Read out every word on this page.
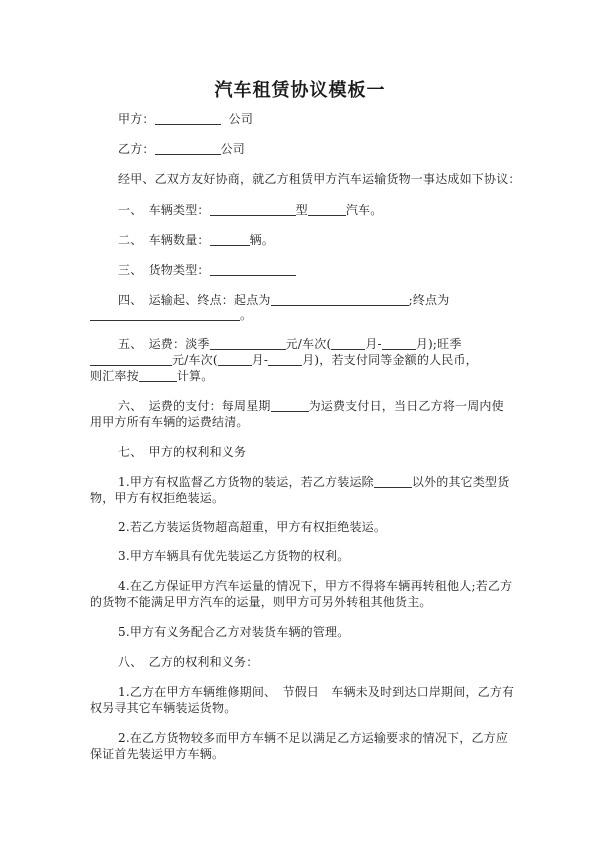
汽车租赁协议模板一
甲方：	公司
乙方：	公司
经甲、乙双方友好协商，就乙方租赁甲方汽车运输货物一事达成如下协议：
一、　车辆类型：	型	汽车。
二、　车辆数量：	辆。
三、　货物类型：
四、　运输起、终点：起点为	;终点为
。
五、　运费：淡季	元/车次(	月-	月);旺季
元/车次(	月-	月)，若支付同等金额的人民币，
则汇率按	计算。
六、　运费的支付：每周星期	为运费支付日，当日乙方将一周内使
用甲方所有车辆的运费结清。
七、　甲方的权利和义务
1.甲方有权监督乙方货物的装运，若乙方装运除	以外的其它类型货
物，甲方有权拒绝装运。
2.若乙方装运货物超高超重，甲方有权拒绝装运。
3.甲方车辆具有优先装运乙方货物的权利。
4.在乙方保证甲方汽车运量的情况下，甲方不得将车辆再转租他人;若乙方
的货物不能满足甲方汽车的运量，则甲方可另外转租其他货主。
5.甲方有义务配合乙方对装货车辆的管理。
八、　乙方的权利和义务：
1.乙方在甲方车辆维修期间、　节假日　车辆未及时到达口岸期间，乙方有
权另寻其它车辆装运货物。
2.在乙方货物较多而甲方车辆不足以满足乙方运输要求的情况下，乙方应
保证首先装运甲方车辆。
